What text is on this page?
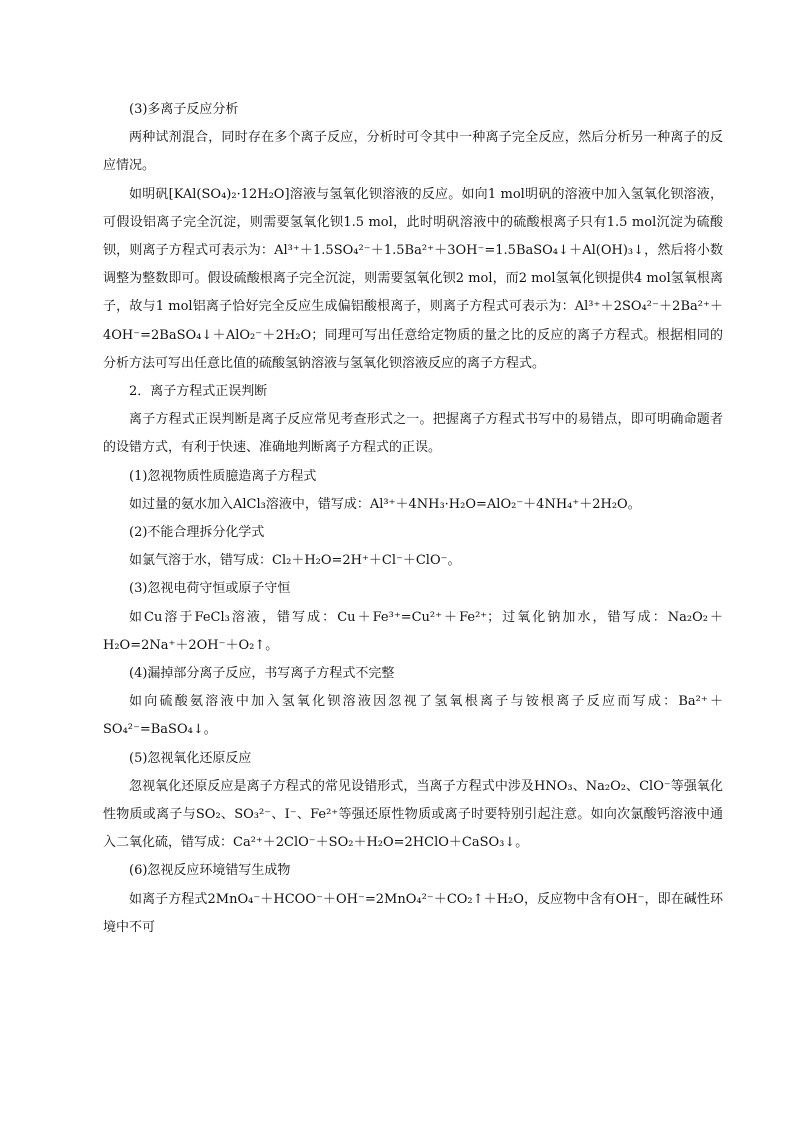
(3)多离子反应分析

两种试剂混合，同时存在多个离子反应，分析时可令其中一种离子完全反应，然后分析另一种离子的反应情况。

如明矾[KAl(SO₄)₂·12H₂O]溶液与氢氧化钡溶液的反应。如向1 mol明矾的溶液中加入氢氧化钡溶液，可假设铝离子完全沉淀，则需要氢氧化钡1.5 mol，此时明矾溶液中的硫酸根离子只有1.5 mol沉淀为硫酸钡，则离子方程式可表示为：Al³⁺＋1.5SO₄²⁻＋1.5Ba²⁺＋3OH⁻=1.5BaSO₄↓＋Al(OH)₃↓，然后将小数调整为整数即可。假设硫酸根离子完全沉淀，则需要氢氧化钡2 mol，而2 mol氢氧化钡提供4 mol氢氧根离子，故与1 mol铝离子恰好完全反应生成偏铝酸根离子，则离子方程式可表示为：Al³⁺＋2SO₄²⁻＋2Ba²⁺＋4OH⁻=2BaSO₄↓＋AlO₂⁻＋2H₂O；同理可写出任意给定物质的量之比的反应的离子方程式。根据相同的分析方法可写出任意比值的硫酸氢钠溶液与氢氧化钡溶液反应的离子方程式。

2．离子方程式正误判断

离子方程式正误判断是离子反应常见考查形式之一。把握离子方程式书写中的易错点，即可明确命题者的设错方式，有利于快速、准确地判断离子方程式的正误。

(1)忽视物质性质臆造离子方程式

如过量的氨水加入AlCl₃溶液中，错写成：Al³⁺＋4NH₃·H₂O=AlO₂⁻＋4NH₄⁺＋2H₂O。

(2)不能合理拆分化学式

如氯气溶于水，错写成：Cl₂＋H₂O=2H⁺＋Cl⁻＋ClO⁻。

(3)忽视电荷守恒或原子守恒

如Cu溶于FeCl₃溶液，错写成：Cu＋Fe³⁺=Cu²⁺＋Fe²⁺；过氧化钠加水，错写成：Na₂O₂＋H₂O=2Na⁺＋2OH⁻＋O₂↑。

(4)漏掉部分离子反应，书写离子方程式不完整

如向硫酸氨溶液中加入氢氧化钡溶液因忽视了氢氧根离子与铵根离子反应而写成：Ba²⁺＋SO₄²⁻=BaSO₄↓。

(5)忽视氧化还原反应

忽视氧化还原反应是离子方程式的常见设错形式，当离子方程式中涉及HNO₃、Na₂O₂、ClO⁻等强氧化性物质或离子与SO₂、SO₃²⁻、I⁻、Fe²⁺等强还原性物质或离子时要特别引起注意。如向次氯酸钙溶液中通入二氧化硫，错写成：Ca²⁺＋2ClO⁻＋SO₂＋H₂O=2HClO＋CaSO₃↓。

(6)忽视反应环境错写生成物

如离子方程式2MnO₄⁻＋HCOO⁻＋OH⁻=2MnO₄²⁻＋CO₂↑＋H₂O，反应物中含有OH⁻，即在碱性环境中不可
